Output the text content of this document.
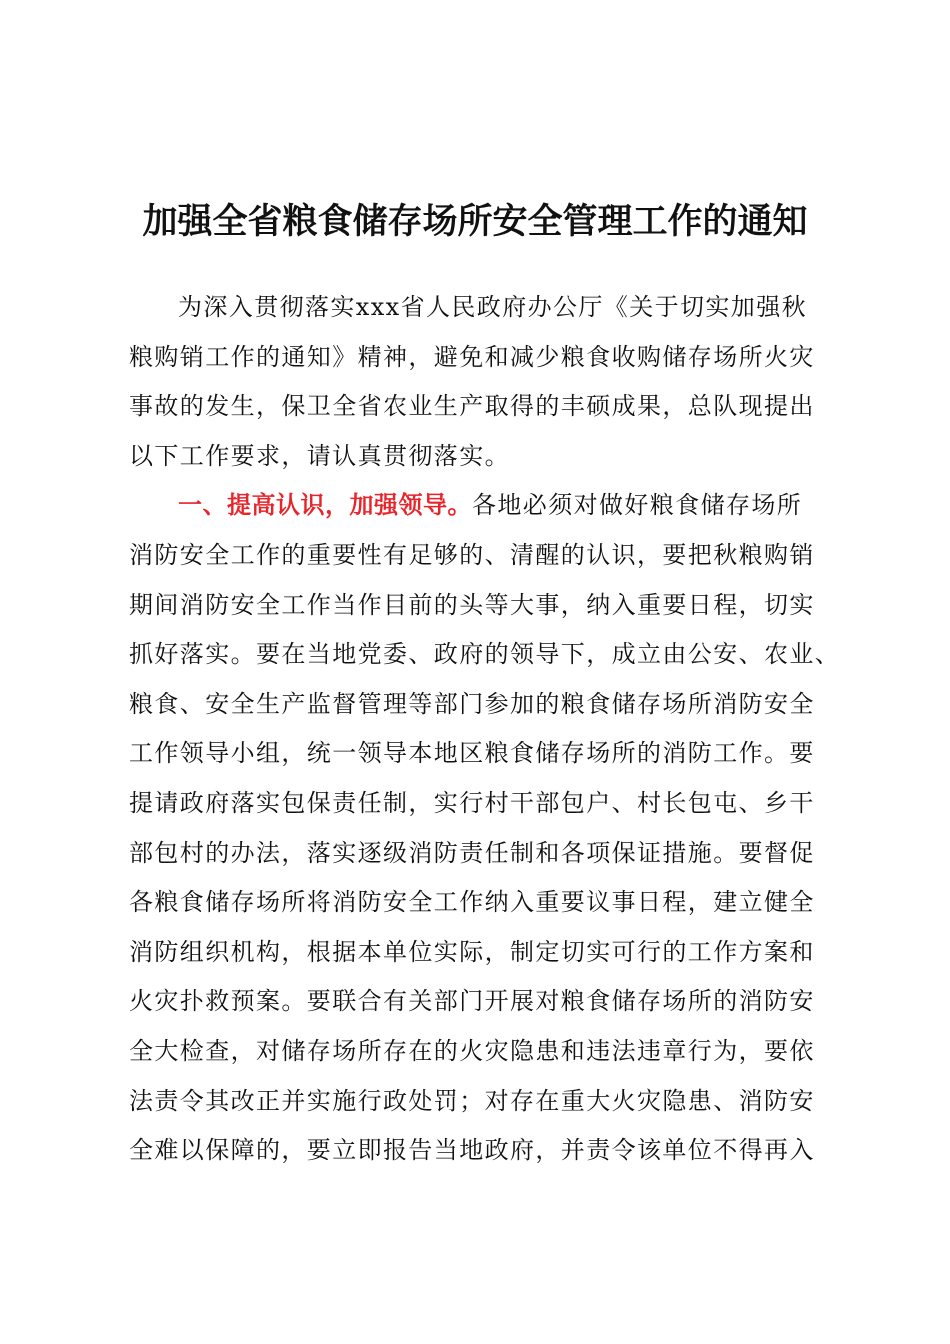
加强全省粮食储存场所安全管理工作的通知
为深入贯彻落实xxx省人民政府办公厅《关于切实加强秋
粮购销工作的通知》精神，避免和减少粮食收购储存场所火灾
事故的发生，保卫全省农业生产取得的丰硕成果，总队现提出
以下工作要求，请认真贯彻落实。
一、提高认识，加强领导。各地必须对做好粮食储存场所
消防安全工作的重要性有足够的、清醒的认识，要把秋粮购销
期间消防安全工作当作目前的头等大事，纳入重要日程，切实
抓好落实。要在当地党委、政府的领导下，成立由公安、农业、
粮食、安全生产监督管理等部门参加的粮食储存场所消防安全
工作领导小组，统一领导本地区粮食储存场所的消防工作。要
提请政府落实包保责任制，实行村干部包户、村长包屯、乡干
部包村的办法，落实逐级消防责任制和各项保证措施。要督促
各粮食储存场所将消防安全工作纳入重要议事日程，建立健全
消防组织机构，根据本单位实际，制定切实可行的工作方案和
火灾扑救预案。要联合有关部门开展对粮食储存场所的消防安
全大检查，对储存场所存在的火灾隐患和违法违章行为，要依
法责令其改正并实施行政处罚；对存在重大火灾隐患、消防安
全难以保障的，要立即报告当地政府，并责令该单位不得再入
